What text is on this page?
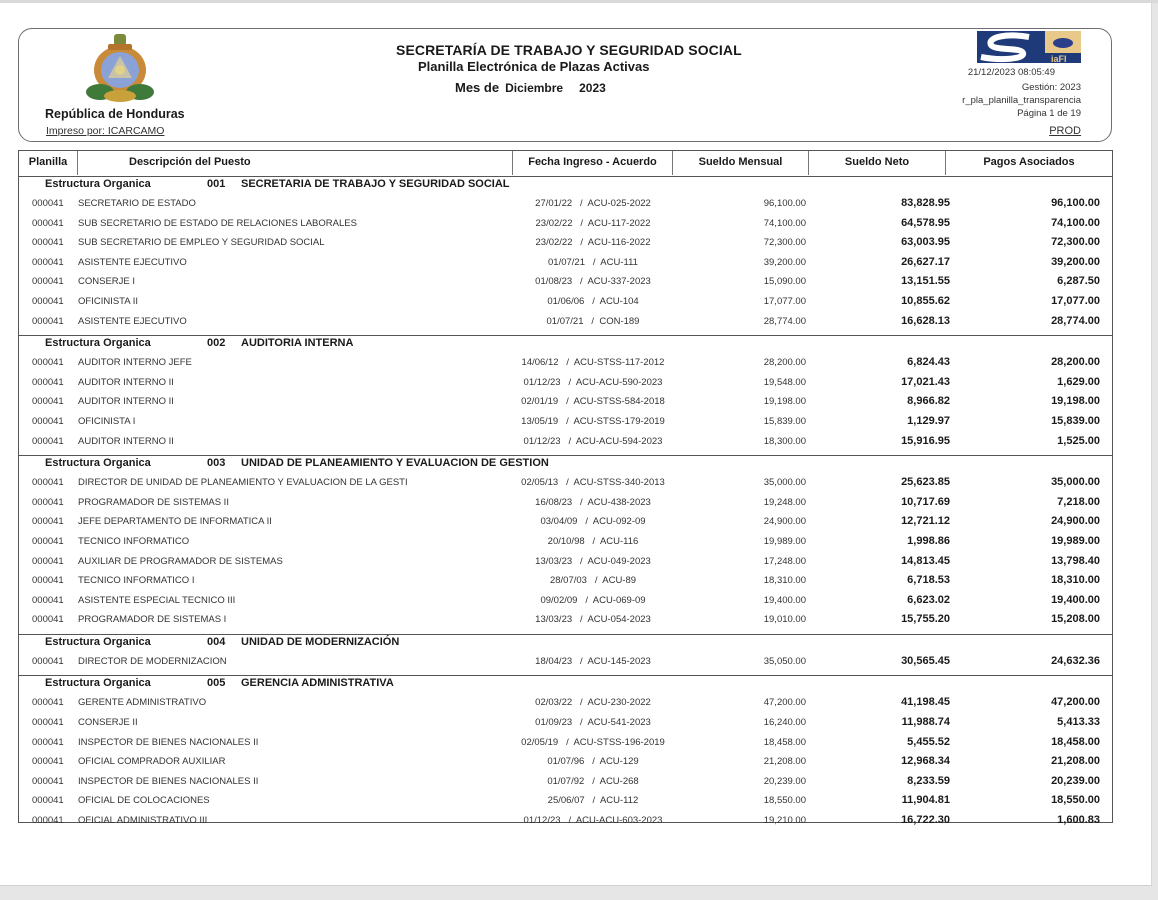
República de Honduras
Impreso por: ICARCAMO
SECRETARÍA DE TRABAJO Y SEGURIDAD SOCIAL
Planilla Electrónica de Plazas Activas
Mes de Diciembre 2023
iaFI
21/12/2023 08:05:49
Gestión: 2023
r_pla_planilla_transparencia
Página 1 de 19
PROD
Planilla	Descripción del Puesto	Fecha Ingreso - Acuerdo	Sueldo Mensual	Sueldo Neto	Pagos Asociados
Estructura Organica	001 SECRETARIA DE TRABAJO Y SEGURIDAD SOCIAL
000041 SECRETARIO DE ESTADO	27/01/22   /  ACU-025-2022	96,100.00	83,828.95	96,100.00
000041 SUB SECRETARIO DE ESTADO DE RELACIONES LABORALES	23/02/22   /  ACU-117-2022	74,100.00	64,578.95	74,100.00
000041 SUB SECRETARIO DE EMPLEO Y SEGURIDAD SOCIAL	23/02/22   /  ACU-116-2022	72,300.00	63,003.95	72,300.00
000041 ASISTENTE EJECUTIVO	01/07/21   /  ACU-111	39,200.00	26,627.17	39,200.00
000041 CONSERJE I	01/08/23   /  ACU-337-2023	15,090.00	13,151.55	6,287.50
000041 OFICINISTA II	01/06/06   /  ACU-104	17,077.00	10,855.62	17,077.00
000041 ASISTENTE EJECUTIVO	01/07/21   /  CON-189	28,774.00	16,628.13	28,774.00
Estructura Organica	002 AUDITORIA INTERNA
000041 AUDITOR INTERNO JEFE	14/06/12   /  ACU-STSS-117-2012	28,200.00	6,824.43	28,200.00
000041 AUDITOR INTERNO II	01/12/23   /  ACU-ACU-590-2023	19,548.00	17,021.43	1,629.00
000041 AUDITOR INTERNO II	02/01/19   /  ACU-STSS-584-2018	19,198.00	8,966.82	19,198.00
000041 OFICINISTA I	13/05/19   /  ACU-STSS-179-2019	15,839.00	1,129.97	15,839.00
000041 AUDITOR INTERNO II	01/12/23   /  ACU-ACU-594-2023	18,300.00	15,916.95	1,525.00
Estructura Organica	003 UNIDAD DE PLANEAMIENTO Y EVALUACION DE GESTION
000041 DIRECTOR DE UNIDAD DE PLANEAMIENTO Y EVALUACION DE LA GESTI	02/05/13   /  ACU-STSS-340-2013	35,000.00	25,623.85	35,000.00
000041 PROGRAMADOR DE SISTEMAS II	16/08/23   /  ACU-438-2023	19,248.00	10,717.69	7,218.00
000041 JEFE DEPARTAMENTO DE INFORMATICA II	03/04/09   /  ACU-092-09	24,900.00	12,721.12	24,900.00
000041 TECNICO INFORMATICO	20/10/98   /  ACU-116	19,989.00	1,998.86	19,989.00
000041 AUXILIAR DE PROGRAMADOR DE SISTEMAS	13/03/23   /  ACU-049-2023	17,248.00	14,813.45	13,798.40
000041 TECNICO INFORMATICO I	28/07/03   /  ACU-89	18,310.00	6,718.53	18,310.00
000041 ASISTENTE ESPECIAL TECNICO III	09/02/09   /  ACU-069-09	19,400.00	6,623.02	19,400.00
000041 PROGRAMADOR DE SISTEMAS I	13/03/23   /  ACU-054-2023	19,010.00	15,755.20	15,208.00
Estructura Organica	004 UNIDAD DE MODERNIZACIÓN
000041 DIRECTOR DE MODERNIZACION	18/04/23   /  ACU-145-2023	35,050.00	30,565.45	24,632.36
Estructura Organica	005 GERENCIA ADMINISTRATIVA
000041 GERENTE ADMINISTRATIVO	02/03/22   /  ACU-230-2022	47,200.00	41,198.45	47,200.00
000041 CONSERJE II	01/09/23   /  ACU-541-2023	16,240.00	11,988.74	5,413.33
000041 INSPECTOR DE BIENES NACIONALES II	02/05/19   /  ACU-STSS-196-2019	18,458.00	5,455.52	18,458.00
000041 OFICIAL COMPRADOR AUXILIAR	01/07/96   /  ACU-129	21,208.00	12,968.34	21,208.00
000041 INSPECTOR DE BIENES NACIONALES II	01/07/92   /  ACU-268	20,239.00	8,233.59	20,239.00
000041 OFICIAL DE COLOCACIONES	25/06/07   /  ACU-112	18,550.00	11,904.81	18,550.00
000041 OFICIAL ADMINISTRATIVO III	01/12/23   /  ACU-ACU-603-2023	19,210.00	16,722.30	1,600.83
